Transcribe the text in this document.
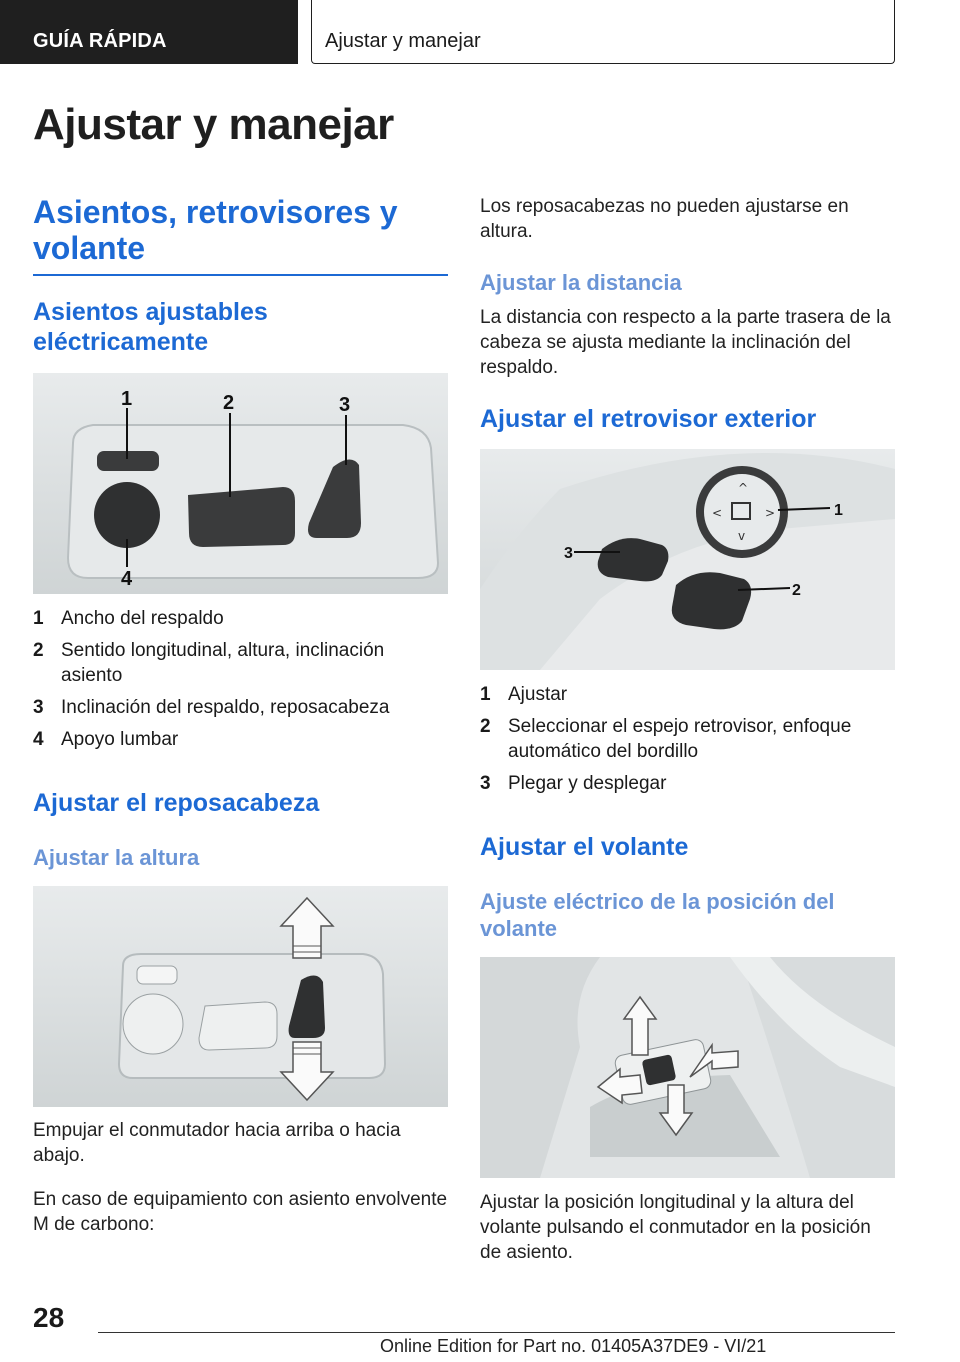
GUÍA RÁPIDA	Ajustar y manejar
Ajustar y manejar
Asientos, retrovisores y volante
Asientos ajustables eléctricamente
1	2	3
4
1 Ancho del respaldo
2 Sentido longitudinal, altura, inclinación asiento
3 Inclinación del respaldo, reposacabeza
4 Apoyo lumbar
Ajustar el reposacabeza
Ajustar la altura
Empujar el conmutador hacia arriba o hacia abajo.
En caso de equipamiento con asiento envolvente M de carbono:
Los reposacabezas no pueden ajustarse en altura.
Ajustar la distancia
La distancia con respecto a la parte trasera de la cabeza se ajusta mediante la inclinación del respaldo.
Ajustar el retrovisor exterior
^
v
<	>	1
2
3
1 Ajustar
2 Seleccionar el espejo retrovisor, enfoque automático del bordillo
3 Plegar y desplegar
Ajustar el volante
Ajuste eléctrico de la posición del volante
Ajustar la posición longitudinal y la altura del volante pulsando el conmutador en la posición de asiento.
28
Online Edition for Part no. 01405A37DE9 - VI/21
